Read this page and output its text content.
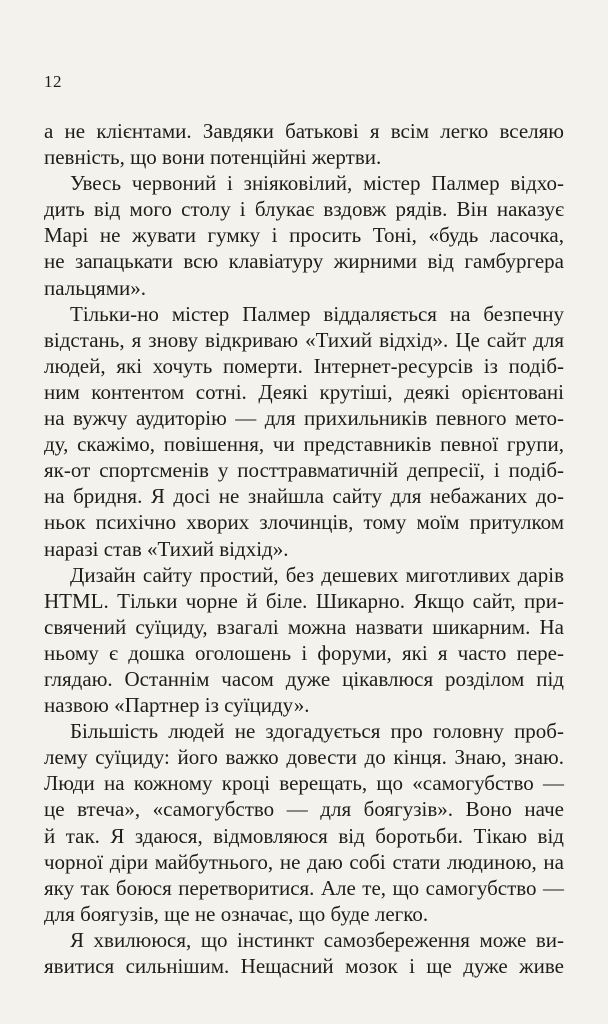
12
а не клієнтами. Завдяки батькові я всім легко вселяю
певність, що вони потенційні жертви.
Увесь червоний і зніяковілий, містер Палмер відхо-
дить від мого столу і блукає вздовж рядів. Він наказує
Марі не жувати гумку і просить Тоні, «будь ласочка,
не запацькати всю клавіатуру жирними від гамбургера
пальцями».
Тільки-но містер Палмер віддаляється на безпечну
відстань, я знову відкриваю «Тихий відхід». Це сайт для
людей, які хочуть померти. Інтернет-ресурсів із подіб-
ним контентом сотні. Деякі крутіші, деякі орієнтовані
на вужчу аудиторію — для прихильників певного мето-
ду, скажімо, повішення, чи представників певної групи,
як-от спортсменів у посттравматичній депресії, і подіб-
на бридня. Я досі не знайшла сайту для небажаних до-
ньок психічно хворих злочинців, тому моїм притулком
наразі став «Тихий відхід».
Дизайн сайту простий, без дешевих миготливих дарів
HTML. Тільки чорне й біле. Шикарно. Якщо сайт, при-
свячений суїциду, взагалі можна назвати шикарним. На
ньому є дошка оголошень і форуми, які я часто пере-
глядаю. Останнім часом дуже цікавлюся розділом під
назвою «Партнер із суїциду».
Більшість людей не здогадується про головну проб-
лему суїциду: його важко довести до кінця. Знаю, знаю.
Люди на кожному кроці верещать, що «самогубство —
це втеча», «самогубство — для боягузів». Воно наче
й так. Я здаюся, відмовляюся від боротьби. Тікаю від
чорної діри майбутнього, не даю собі стати людиною, на
яку так боюся перетворитися. Але те, що самогубство —
для боягузів, ще не означає, що буде легко.
Я хвилююся, що інстинкт самозбереження може ви-
явитися сильнішим. Нещасний мозок і ще дуже живе
